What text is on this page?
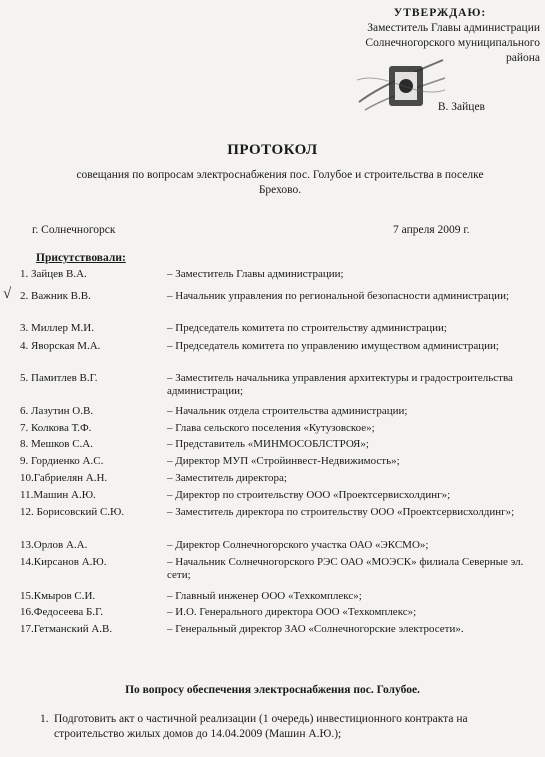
УТВЕРЖДАЮ:
Заместитель Главы администрации
Солнечногорского муниципального
района
В. Зайцев
ПРОТОКОЛ
совещания по вопросам электроснабжения пос. Голубое и строительства в поселке Брехово.
г. Солнечногорск	7 апреля 2009 г.
Присутствовали:
√
1. Зайцев В.А.	– Заместитель Главы администрации;
2. Важник В.В.	– Начальник управления по региональной безопасности администрации;
3. Миллер М.И.	– Председатель комитета по строительству администрации;
4. Яворская М.А.	– Председатель комитета по управлению имуществом администрации;
5. Памитлев В.Г.	– Заместитель начальника управления архитектуры и градостроительства администрации;
6. Лазутин О.В.	– Начальник отдела строительства администрации;
7. Колкова Т.Ф.	– Глава сельского поселения «Кутузовское»;
8. Мешков С.А.	– Представитель «МИНМОСОБЛСТРОЯ»;
9. Гордиенко А.С.	– Директор МУП «Стройинвест-Недвижимость»;
10.Габриелян А.Н.	– Заместитель директора;
11.Машин А.Ю.	– Директор по строительству ООО «Проектсервисхолдинг»;
12. Борисовский С.Ю.	– Заместитель директора по строительству ООО «Проектсервисхолдинг»;
13.Орлов А.А.	– Директор Солнечногорского участка ОАО «ЭКСМО»;
14.Кирсанов А.Ю.	– Начальник Солнечногорского РЭС ОАО «МОЭСК» филиала Северные эл. сети;
15.Кмыров С.И.	– Главный инженер ООО «Техкомплекс»;
16.Федосеева Б.Г.	– И.О. Генерального директора ООО «Техкомплекс»;
17.Гетманский А.В.	– Генеральный директор ЗАО «Солнечногорские электросети».
По вопросу обеспечения электроснабжения пос. Голубое.
1. Подготовить акт о частичной реализации (1 очередь) инвестиционного контракта на строительство жилых домов до 14.04.2009 (Машин А.Ю.);
